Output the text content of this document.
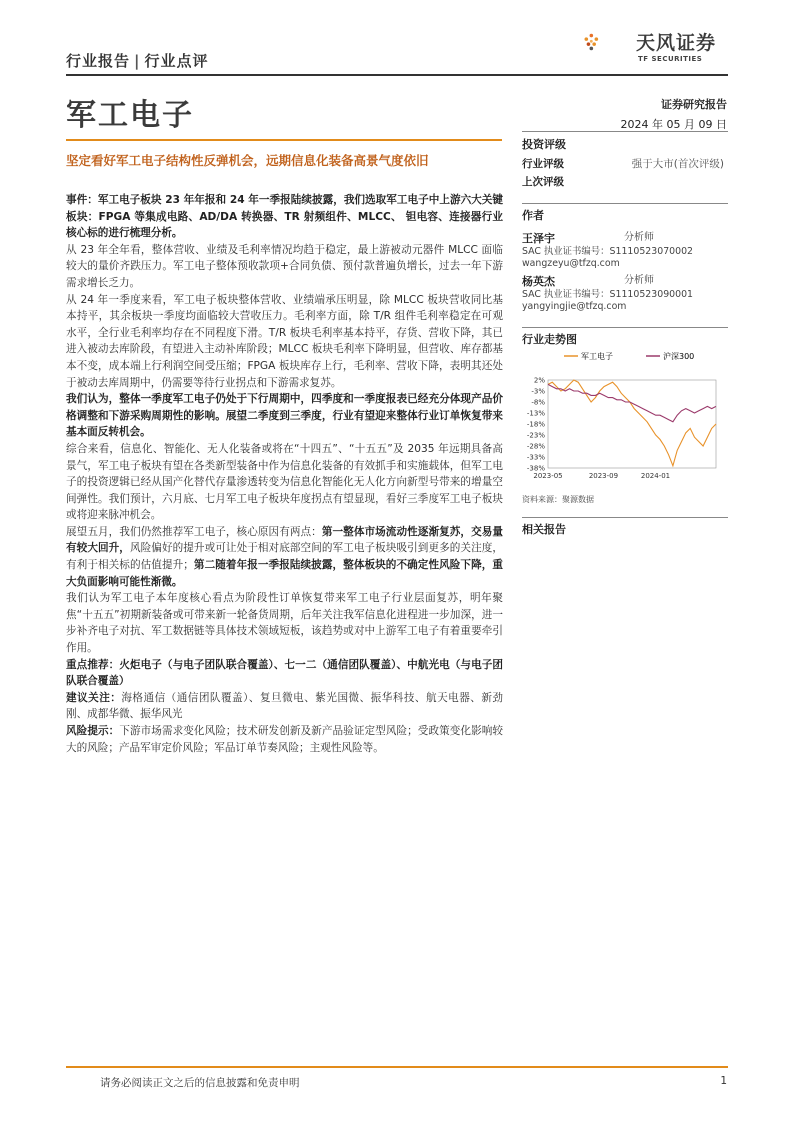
行业报告 | 行业点评
天风证券
TF SECURITIES
军工电子	证券研究报告
2024 年 05 月 09 日
坚定看好军工电子结构性反弹机会，远期信息化装备高景气度依旧

事件：军工电子板块 23 年年报和 24 年一季报陆续披露，我们选取军工电子中上游六大关键板块：FPGA 等集成电路、AD/DA 转换器、TR 射频组件、MLCC、 钽电容、连接器行业核心标的进行梳理分析。

从 23 年全年看，整体营收、业绩及毛利率情况均趋于稳定，最上游被动元器件 MLCC 面临较大的量价齐跌压力。军工电子整体预收款项+合同负债、预付款普遍负增长，过去一年下游需求增长乏力。

从 24 年一季度来看，军工电子板块整体营收、业绩端承压明显，除 MLCC 板块营收同比基本持平，其余板块一季度均面临较大营收压力。毛利率方面，除 T/R 组件毛利率稳定在可观水平，全行业毛利率均存在不同程度下滑。T/R 板块毛利率基本持平，存货、营收下降，其已进入被动去库阶段，有望进入主动补库阶段；MLCC 板块毛利率下降明显，但营收、库存都基本不变，成本端上行利润空间受压缩；FPGA 板块库存上行，毛利率、营收下降，表明其还处于被动去库周期中，仍需要等待行业拐点和下游需求复苏。

我们认为，整体一季度军工电子仍处于下行周期中，四季度和一季度报表已经充分体现产品价格调整和下游采购周期性的影响。展望二季度到三季度，行业有望迎来整体行业订单恢复带来基本面反转机会。

综合来看，信息化、智能化、无人化装备或将在“十四五”、“十五五”及 2035 年远期具备高景气，军工电子板块有望在各类新型装备中作为信息化装备的有效抓手和实施载体，但军工电子的投资逻辑已经从国产化替代存量渗透转变为信息化智能化无人化方向新型号带来的增量空间弹性。我们预计，六月底、七月军工电子板块年度拐点有望显现，看好三季度军工电子板块或将迎来脉冲机会。

展望五月，我们仍然推荐军工电子，核心原因有两点：第一整体市场流动性逐渐复苏，交易量有较大回升，风险偏好的提升或可让处于相对底部空间的军工电子板块吸引到更多的关注度，有利于相关标的估值提升；第二随着年报一季报陆续披露，整体板块的不确定性风险下降，重大负面影响可能性渐微。

我们认为军工电子本年度核心看点为阶段性订单恢复带来军工电子行业层面复苏，明年聚焦“十五五”初期新装备或可带来新一轮备货周期，后年关注我军信息化进程进一步加深，进一步补齐电子对抗、军工数据链等具体技术领域短板，该趋势或对中上游军工电子有着重要牵引作用。

重点推荐：火炬电子（与电子团队联合覆盖）、七一二（通信团队覆盖）、中航光电（与电子团队联合覆盖）

建议关注：海格通信（通信团队覆盖）、复旦微电、紫光国微、振华科技、航天电器、新劲刚、成都华微、振华风光

风险提示：下游市场需求变化风险；技术研发创新及新产品验证定型风险；受政策变化影响较大的风险；产品军审定价风险；军品订单节奏风险；主观性风险等。

投资评级
行业评级	强于大市(首次评级)
上次评级
作者
王泽宇	分析师
SAC 执业证书编号：S1110523070002
wangzeyu@tfzq.com
杨英杰	分析师
SAC 执业证书编号：S1110523090001
yangyingjie@tfzq.com
行业走势图
军工电子	沪深300
2%
-3%
-8%
-13%
-18%
-23%
-28%
-33%
-38%
2023-05	2023-09	2024-01
资料来源：聚源数据
相关报告
请务必阅读正文之后的信息披露和免责申明	1
